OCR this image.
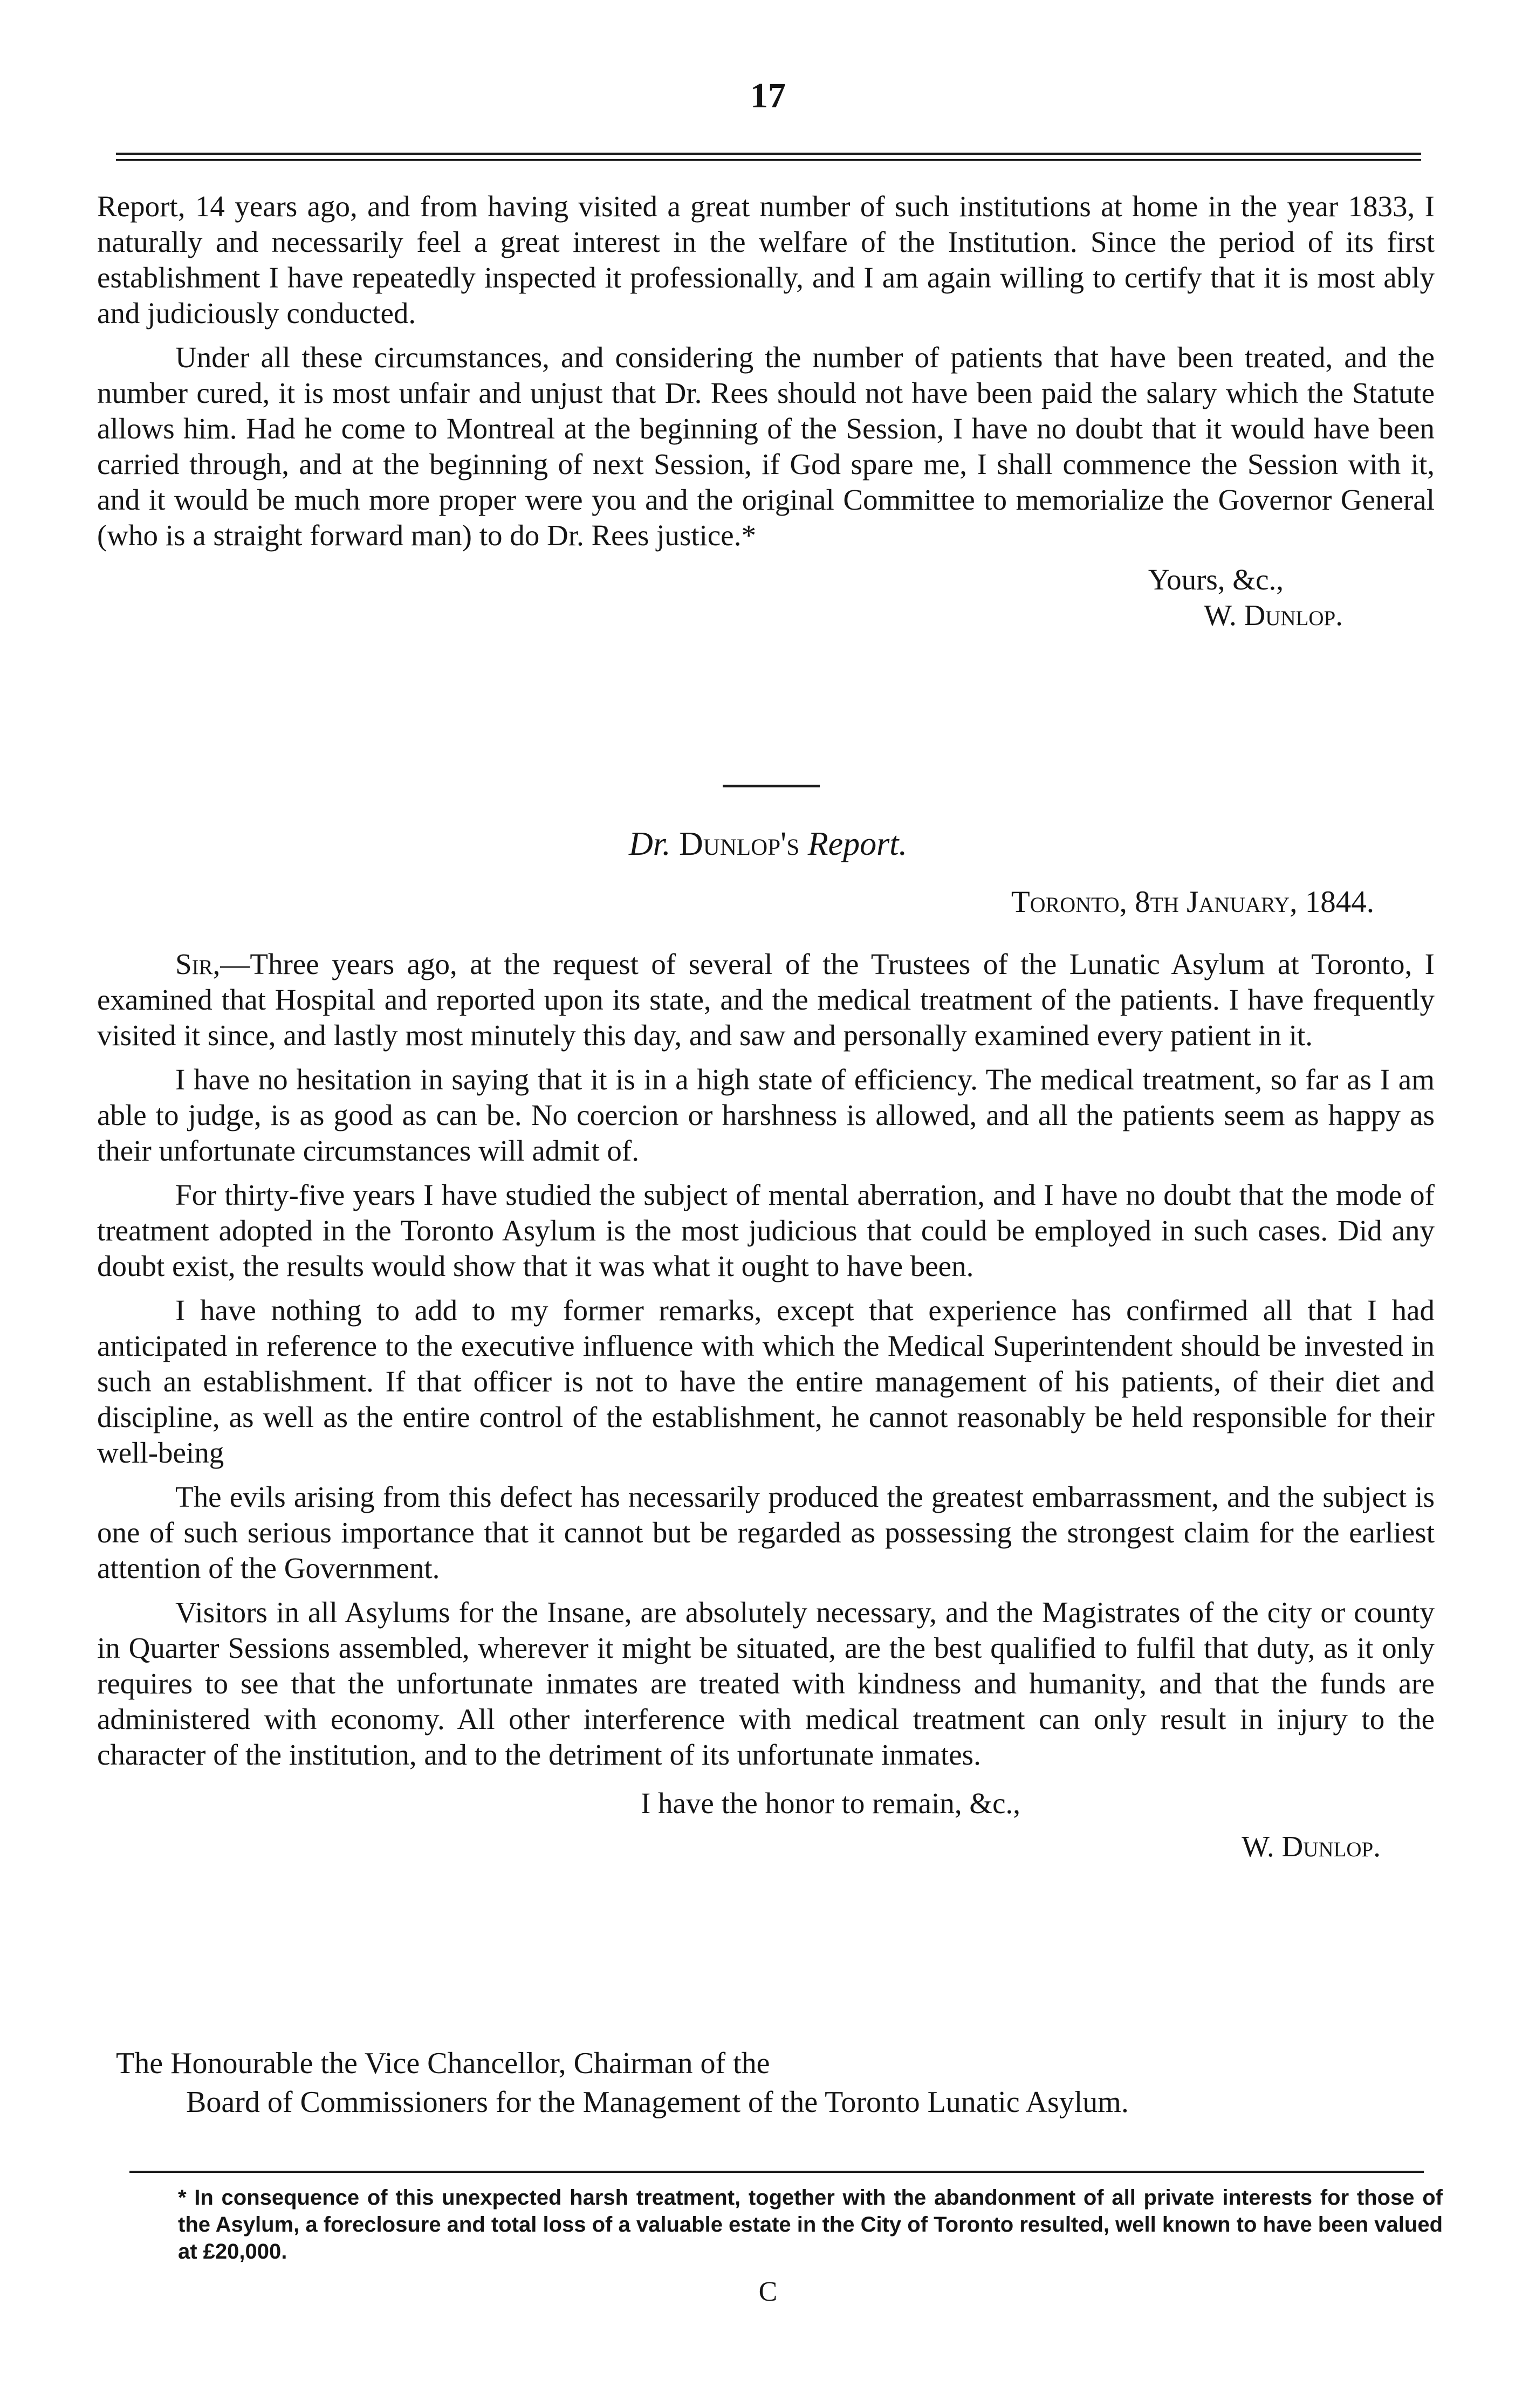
17

Report, 14 years ago, and from having visited a great number of such institutions at home in the year 1833, I naturally and necessarily feel a great interest in the welfare of the Institution. Since the period of its first establishment I have repeatedly inspected it professionally, and I am again willing to certify that it is most ably and judiciously conducted.

Under all these circumstances, and considering the number of patients that have been treated, and the number cured, it is most unfair and unjust that Dr. Rees should not have been paid the salary which the Statute allows him. Had he come to Montreal at the beginning of the Session, I have no doubt that it would have been carried through, and at the beginning of next Session, if God spare me, I shall commence the Session with it, and it would be much more proper were you and the original Committee to memorialize the Governor General (who is a straight forward man) to do Dr. Rees justice.*

Yours, &c.,

W. Dunlop.

Dr. Dunlop's Report.
Toronto, 8th January, 1844.

Sir,—Three years ago, at the request of several of the Trustees of the Lunatic Asylum at Toronto, I examined that Hospital and reported upon its state, and the medical treatment of the patients. I have frequently visited it since, and lastly most minutely this day, and saw and personally examined every patient in it.

I have no hesitation in saying that it is in a high state of efficiency. The medical treatment, so far as I am able to judge, is as good as can be. No coercion or harshness is allowed, and all the patients seem as happy as their unfortunate circumstances will admit of.

For thirty-five years I have studied the subject of mental aberration, and I have no doubt that the mode of treatment adopted in the Toronto Asylum is the most judicious that could be employed in such cases. Did any doubt exist, the results would show that it was what it ought to have been.

I have nothing to add to my former remarks, except that experience has confirmed all that I had anticipated in reference to the executive influence with which the Medical Superintendent should be invested in such an establishment. If that officer is not to have the entire management of his patients, of their diet and discipline, as well as the entire control of the establishment, he cannot reasonably be held responsible for their well-being

The evils arising from this defect has necessarily produced the greatest embarrassment, and the subject is one of such serious importance that it cannot but be regarded as possessing the strongest claim for the earliest attention of the Government.

Visitors in all Asylums for the Insane, are absolutely necessary, and the Magistrates of the city or county in Quarter Sessions assembled, wherever it might be situated, are the best qualified to fulfil that duty, as it only requires to see that the unfortunate inmates are treated with kindness and humanity, and that the funds are administered with economy. All other interference with medical treatment can only result in injury to the character of the institution, and to the detriment of its unfortunate inmates.

I have the honor to remain, &c.,

W. Dunlop.

The Honourable the Vice Chancellor, Chairman of the
Board of Commissioners for the Management of the Toronto Lunatic Asylum.
* In consequence of this unexpected harsh treatment, together with the abandonment of all private interests for those of the Asylum, a foreclosure and total loss of a valuable estate in the City of Toronto resulted, well known to have been valued at £20,000.
C
